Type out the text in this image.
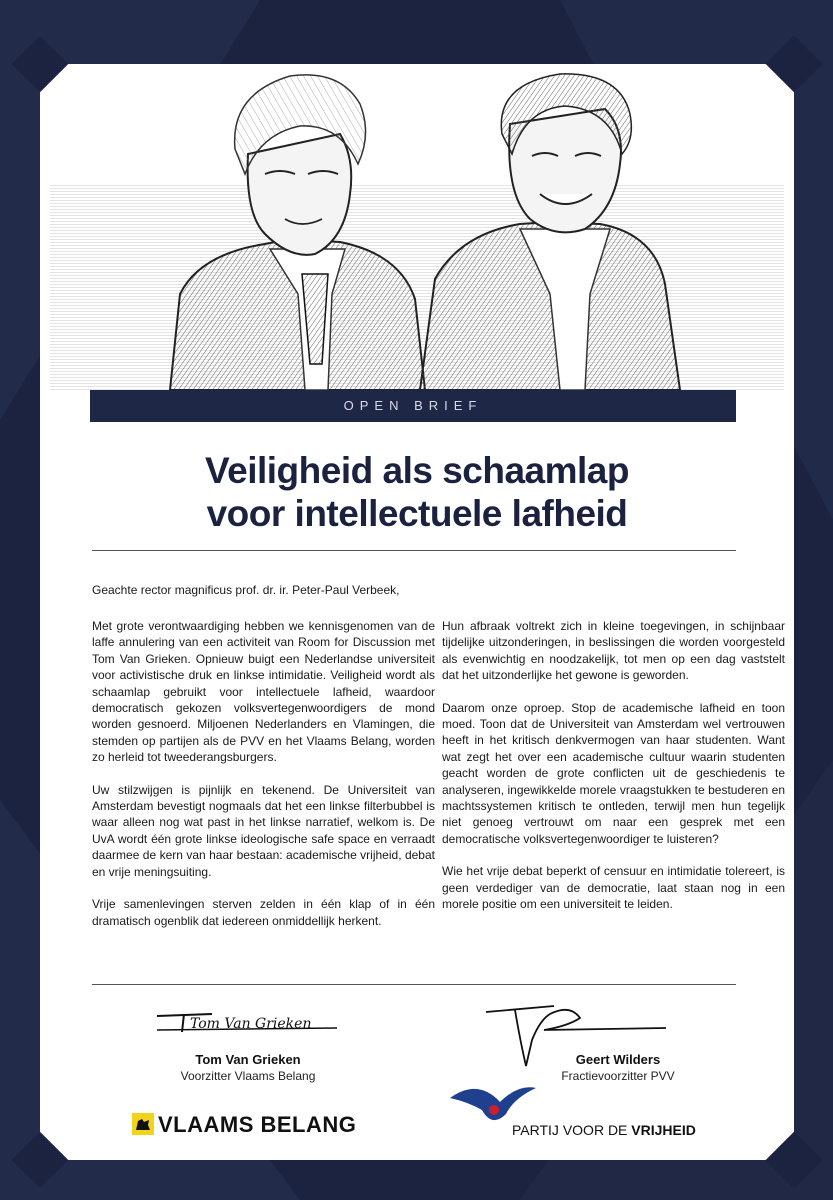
OPEN BRIEF
Veiligheid als schaamlap
voor intellectuele lafheid
Geachte rector magnificus prof. dr. ir. Peter-Paul Verbeek,

Met grote verontwaardiging hebben we kennisgenomen van de laffe annulering van een activiteit van Room for Discussion met Tom Van Grieken. Opnieuw buigt een Nederlandse universiteit voor activistische druk en linkse intimidatie. Veiligheid wordt als schaamlap gebruikt voor intellectuele lafheid, waardoor democratisch gekozen volksvertegenwoordigers de mond worden gesnoerd. Miljoenen Nederlanders en Vlamingen, die stemden op partijen als de PVV en het Vlaams Belang, worden zo herleid tot tweederangsburgers.

Uw stilzwijgen is pijnlijk en tekenend. De Universiteit van Amsterdam bevestigt nogmaals dat het een linkse filterbubbel is waar alleen nog wat past in het linkse narratief, welkom is. De UvA wordt één grote linkse ideologische safe space en verraadt daarmee de kern van haar bestaan: academische vrijheid, debat en vrije meningsuiting.

Vrije samenlevingen sterven zelden in één klap of in één dramatisch ogenblik dat iedereen onmiddellijk herkent.

Hun afbraak voltrekt zich in kleine toegevingen, in schijnbaar tijdelijke uitzonderingen, in beslissingen die worden voorgesteld als evenwichtig en noodzakelijk, tot men op een dag vaststelt dat het uitzonderlijke het gewone is geworden.

Daarom onze oproep. Stop de academische lafheid en toon moed. Toon dat de Universiteit van Amsterdam wel vertrouwen heeft in het kritisch denkvermogen van haar studenten. Want wat zegt het over een academische cultuur waarin studenten geacht worden de grote conflicten uit de geschiedenis te analyseren, ingewikkelde morele vraagstukken te bestuderen en machtssystemen kritisch te ontleden, terwijl men hun tegelijk niet genoeg vertrouwt om naar een gesprek met een democratische volksvertegenwoordiger te luisteren?

Wie het vrije debat beperkt of censuur en intimidatie tolereert, is geen verdediger van de democratie, laat staan nog in een morele positie om een universiteit te leiden.

Tom Van Grieken
Tom Van Grieken
Voorzitter Vlaams Belang
Geert Wilders
Fractievoorzitter PVV
VLAAMS BELANG	PARTIJ VOOR DE VRIJHEID
